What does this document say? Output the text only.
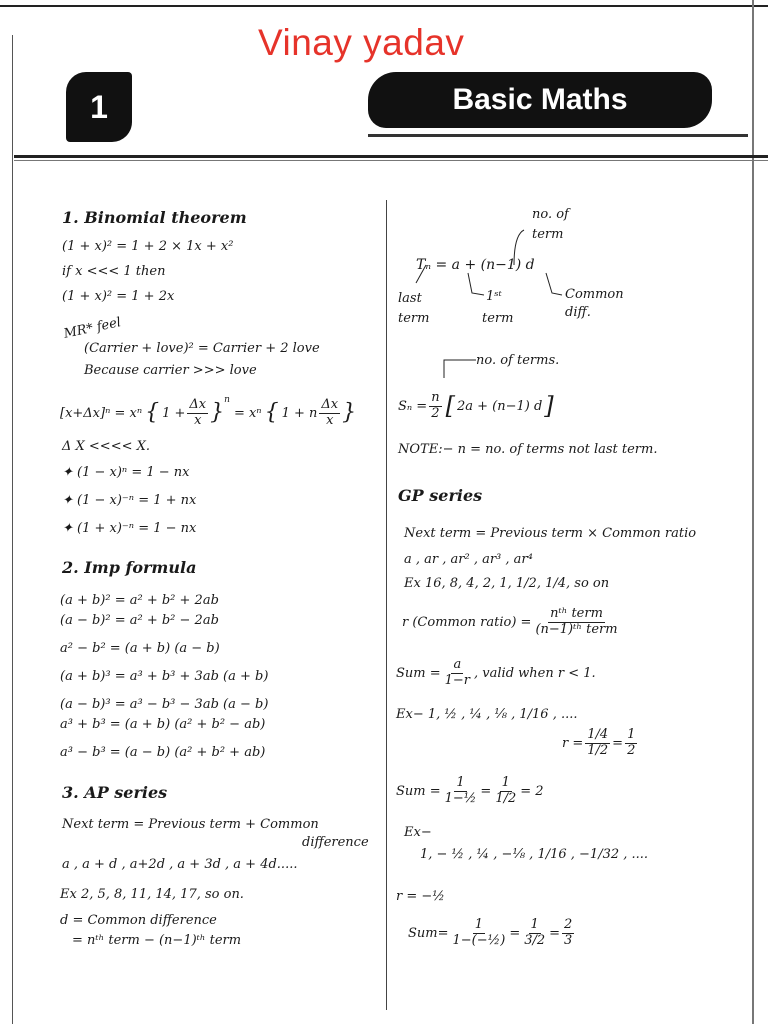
Vinay yadav
1	Basic Maths
1. Binomial theorem
(1 + x)² = 1 + 2 × 1x + x²
if x <<< 1 then
(1 + x)² = 1 + 2x
MR* feel
(Carrier + love)² = Carrier + 2 love
Because carrier >>> love
[x+Δx]ⁿ = xⁿ { $1 + \frac{\Delta x}{x} \}^n$
= xⁿ { 1 + n $\frac{\Delta x}{x}$ }
Δ X <<<< X.
✦ (1 − x)ⁿ = 1 − nx
✦ (1 − x)⁻ⁿ = 1 + nx
✦ (1 + x)⁻ⁿ = 1 − nx
2. Imp formula
(a + b)² = a² + b² + 2ab
(a − b)² = a² + b² − 2ab
a² − b² = (a + b) (a − b)
(a + b)³ = a³ + b³ + 3ab (a + b)
(a − b)³ = a³ − b³ − 3ab (a − b)
a³ + b³ = (a + b) (a² + b² − ab)
a³ − b³ = (a − b) (a² + b² + ab)
3. AP series
Next term = Previous term + Common
difference
a , a + d , a+2d , a + 3d , a + 4d.....
Ex 2, 5, 8, 11, 14, 17, so on.
d = Common difference
= nᵗʰ term − (n−1)ᵗʰ term
no. of
term
Tₙ = a + (n−1) d
last
term
1ˢᵗ
term
Common
diff.
no. of terms.
$S_n = \frac{n}{2}$ [ 2a + (n−1) d ]
NOTE:− n = no. of terms not last term.
GP series
Next term = Previous term × Common ratio
a , ar , ar² , ar³ , ar⁴
Ex 16, 8, 4, 2, 1, 1/2, 1/4, so on
r (Common ratio) = $\frac{\text{nᵗʰ term}}{\text{(n−1)ᵗʰ term}}$
Sum = $\frac{a}{1-r}$ , valid when r < 1.
Ex− 1, ½ , ¼ , ⅛ , 1/16 , ....
$r = \frac{1/4}{1/2} = \frac{1}{2}$
Sum = $\frac{1}{\text{1−½}} = \frac{1}{1/2} = 2$
Ex−
1, − ½ , ¼ , −⅛ , 1/16 , −1/32 , ....
r = −½
$Sum= \frac{1}{\text{1−(−½)}} = \frac{1}{3/2} = \frac{2}{3}$
